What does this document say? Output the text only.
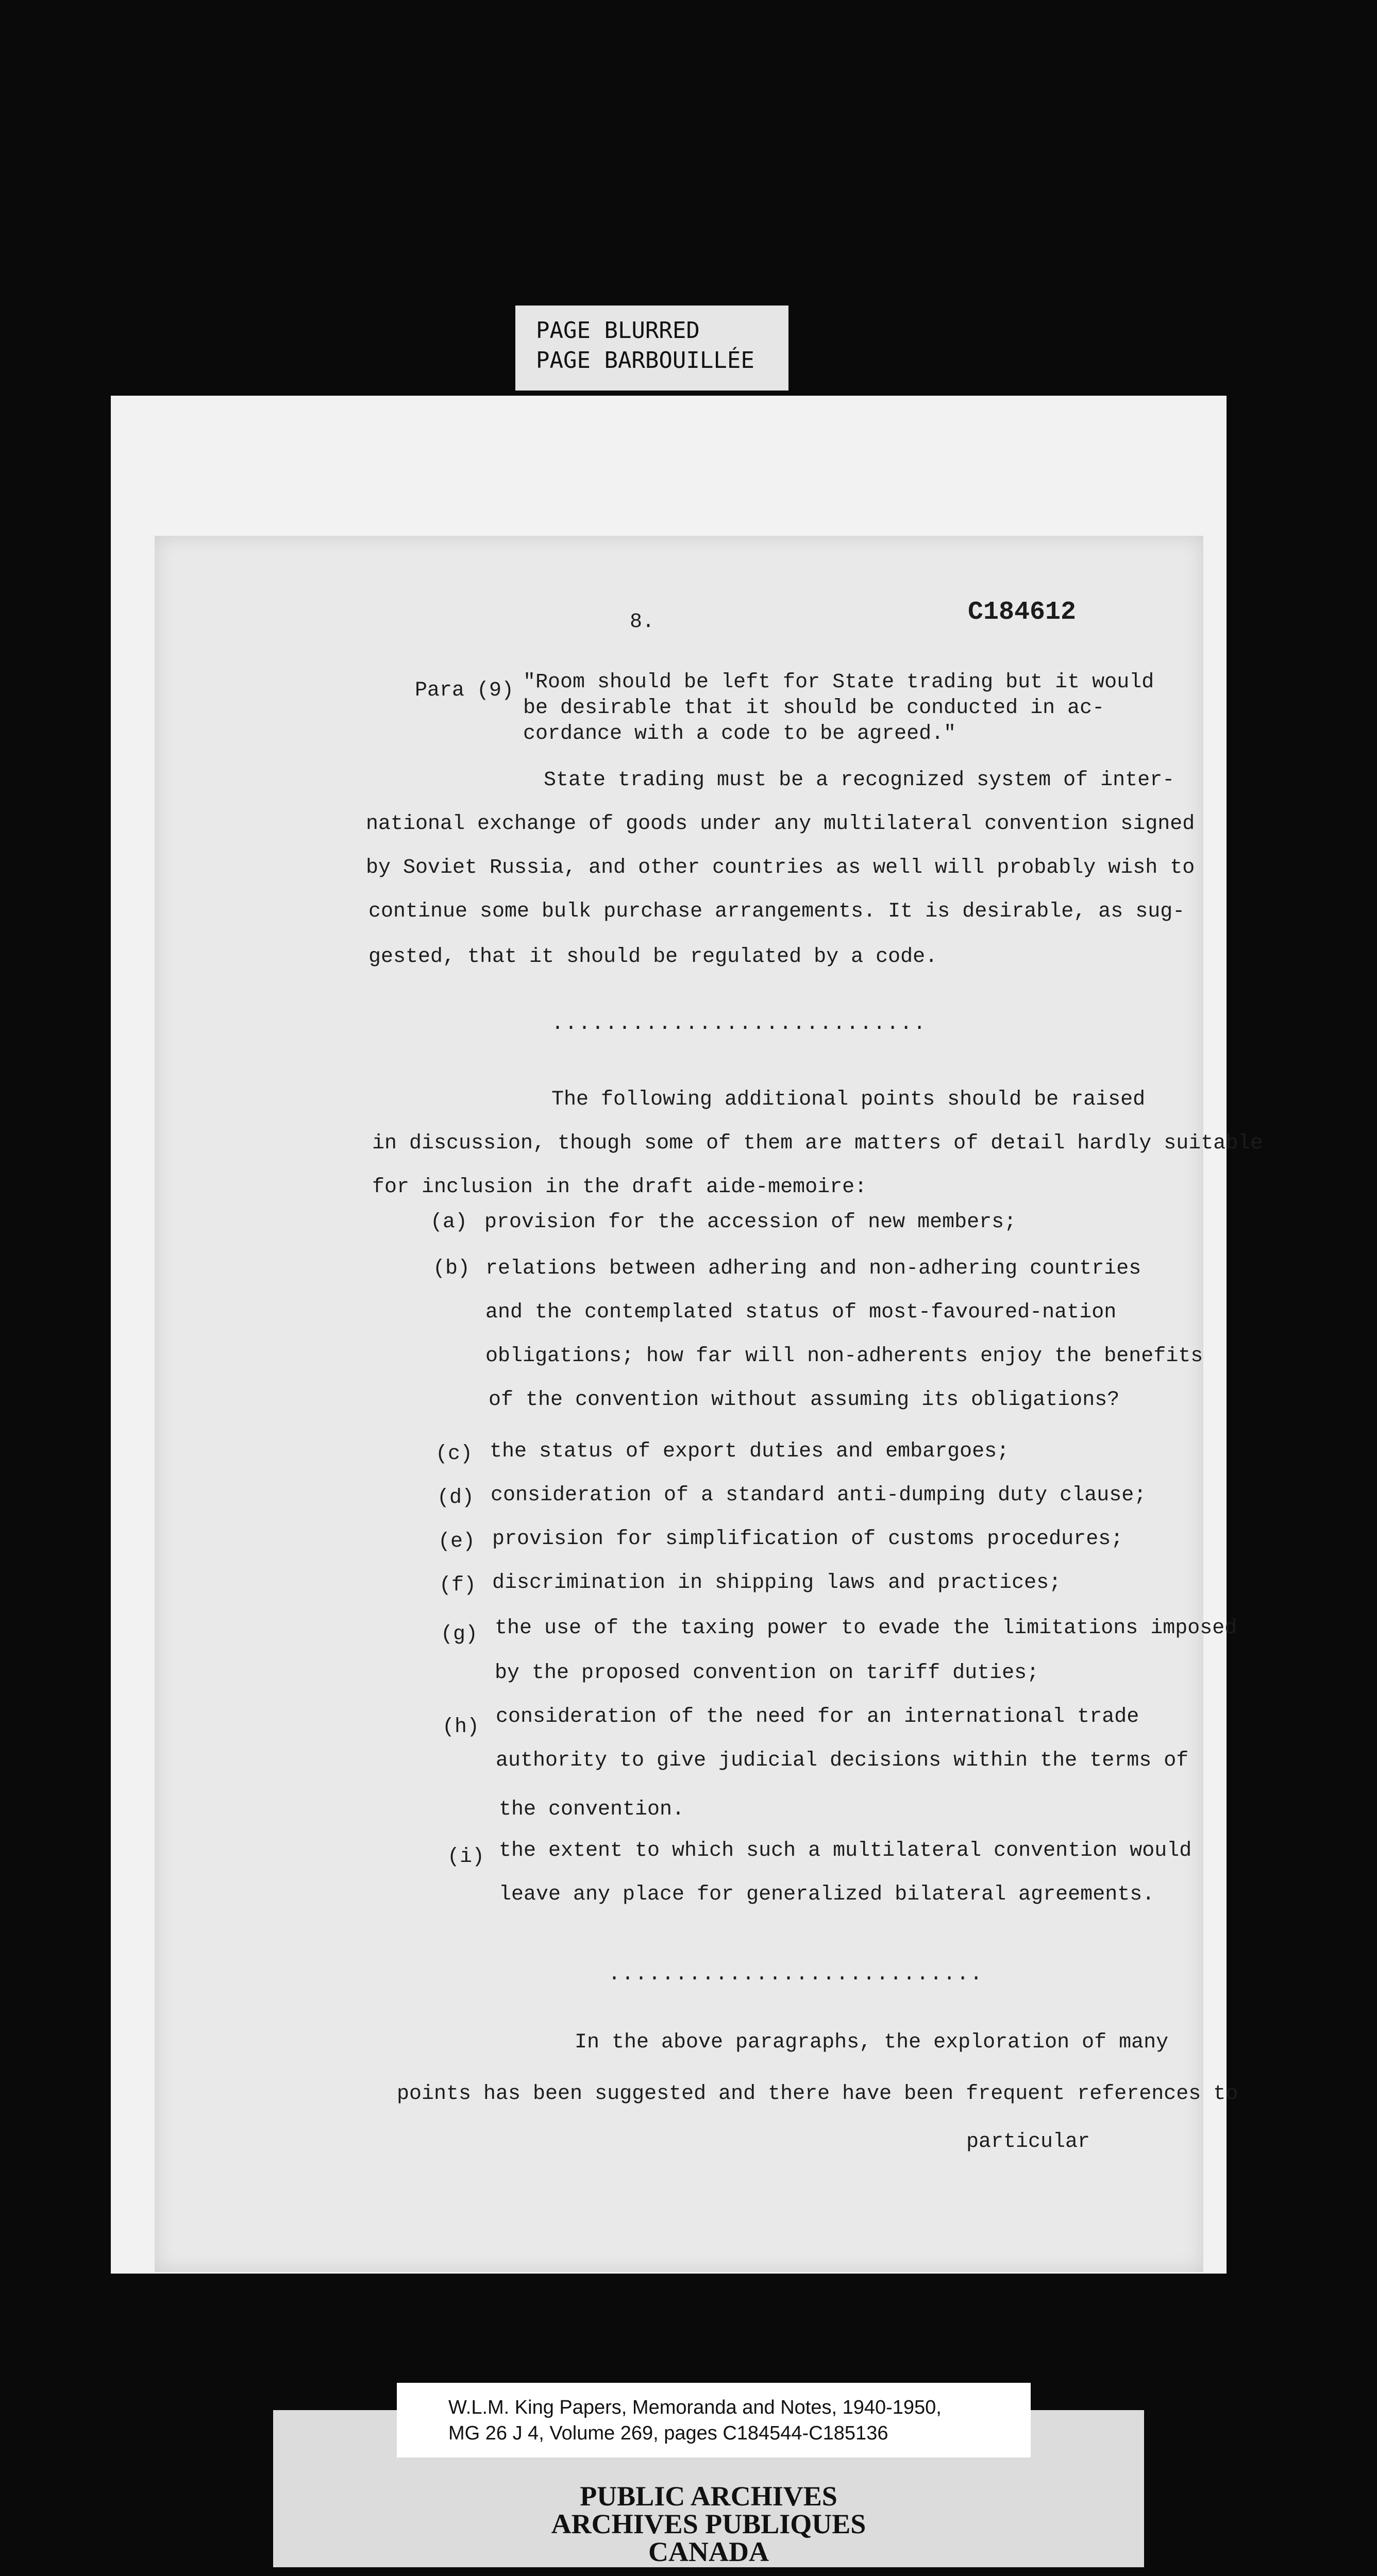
PAGE BLURRED
PAGE BARBOUILLÉE
8.	C184612
Para (9) "Room should be left for State trading but it would
be desirable that it should be conducted in ac-
cordance with a code to be agreed."
State trading must be a recognized system of inter-
national exchange of goods under any multilateral convention signed
by Soviet Russia, and other countries as well will probably wish to
continue some bulk purchase arrangements. It is desirable, as sug-
gested, that it should be regulated by a code.
............................
The following additional points should be raised
in discussion, though some of them are matters of detail hardly suitable
for inclusion in the draft aide-memoire:
(a) provision for the accession of new members;
(b) relations between adhering and non-adhering countries
and the contemplated status of most-favoured-nation
obligations; how far will non-adherents enjoy the benefits
of the convention without assuming its obligations?
(c) the status of export duties and embargoes;
(d) consideration of a standard anti-dumping duty clause;
(e) provision for simplification of customs procedures;
(f) discrimination in shipping laws and practices;
(g) the use of the taxing power to evade the limitations imposed
by the proposed convention on tariff duties;
(h) consideration of the need for an international trade
authority to give judicial decisions within the terms of
the convention.
(i) the extent to which such a multilateral convention would
leave any place for generalized bilateral agreements.
............................
In the above paragraphs, the exploration of many
points has been suggested and there have been frequent references to
particular
W.L.M. King Papers, Memoranda and Notes, 1940-1950,
MG 26 J 4, Volume 269, pages C184544-C185136
PUBLIC ARCHIVES
ARCHIVES PUBLIQUES
CANADA
